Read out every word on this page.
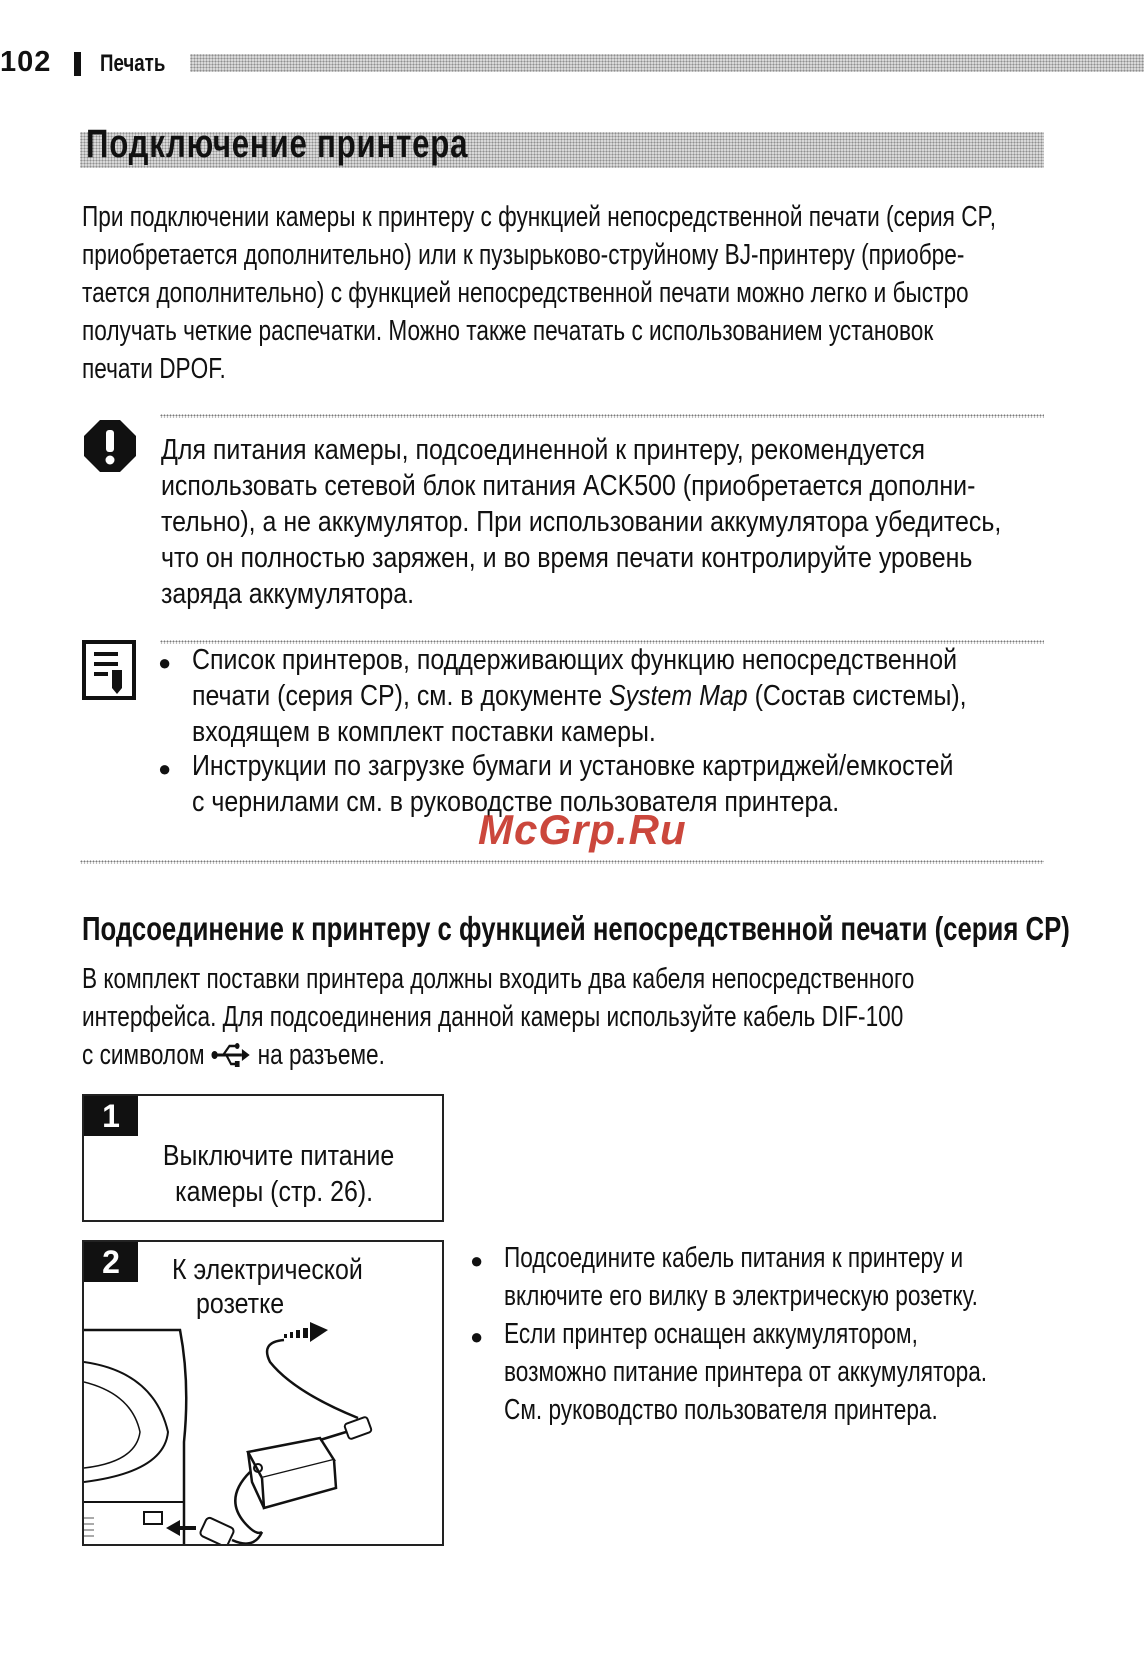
102 Печать
Подключение принтера
При подключении камеры к принтеру с функцией непосредственной печати (серия CP,
приобретается дополнительно) или к пузырьково-струйному BJ-принтеру (приобре-
тается дополнительно) с функцией непосредственной печати можно легко и быстро
получать четкие распечатки. Можно также печатать с использованием установок
печати DPOF.
Для питания камеры, подсоединенной к принтеру, рекомендуется
использовать сетевой блок питания ACK500 (приобретается дополни-
тельно), а не аккумулятор. При использовании аккумулятора убедитесь,
что он полностью заряжен, и во время печати контролируйте уровень
заряда аккумулятора.
● Список принтеров, поддерживающих функцию непосредственной
печати (серия CP), см. в документе System Map (Состав системы),
входящем в комплект поставки камеры.
● Инструкции по загрузке бумаги и установке картриджей/емкостей
с чернилами см. в руководстве пользователя принтера.
McGrp.Ru
Подсоединение к принтеру с функцией непосредственной печати (серия CP)
В комплект поставки принтера должны входить два кабеля непосредственного
интерфейса. Для подсоединения данной камеры используйте кабель DIF-100
с символом  на разъеме.
1
Выключите питание
камеры (стр. 26).
2	К электрической
розетке
● Подсоедините кабель питания к принтеру и
включите его вилку в электрическую розетку.
● Если принтер оснащен аккумулятором,
возможно питание принтера от аккумулятора.
См. руководство пользователя принтера.
